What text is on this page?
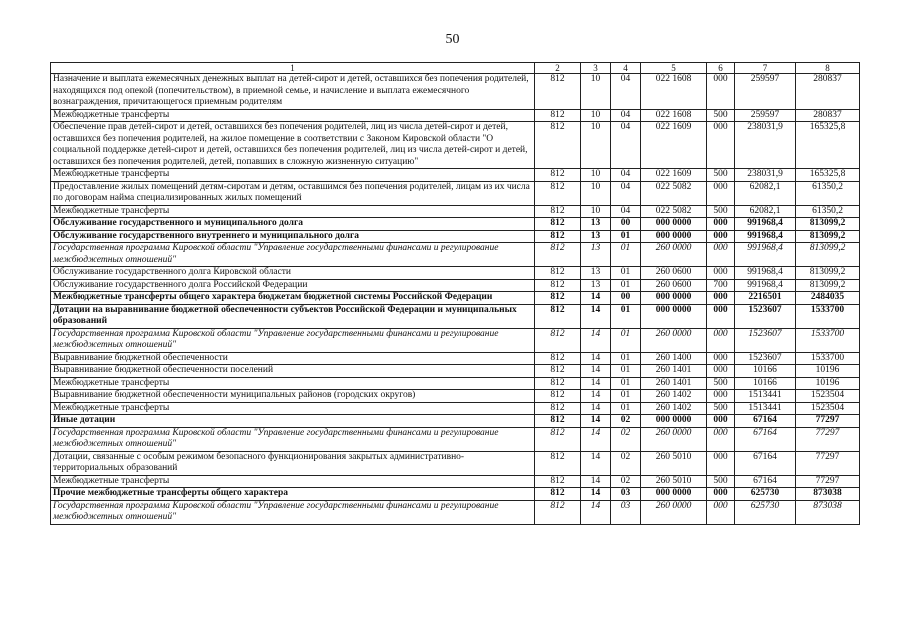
50
1	2	3	4	5	6	7	8
Назначение и выплата ежемесячных денежных выплат на детей-сирот и детей, оставшихся без попечения родителей, находящихся под опекой (попечительством), в приемной семье, и начисление и выплата ежемесячного вознаграждения, причитающегося приемным родителям	812	10	04	022 1608	000	259597	280837
Межбюджетные трансферты	812	10	04	022 1608	500	259597	280837
Обеспечение прав детей-сирот и детей, оставшихся без попечения родителей, лиц из числа детей-сирот и детей, оставшихся без попечения родителей, на жилое помещение в соответствии с Законом Кировской области "О социальной поддержке детей-сирот и детей, оставшихся без попечения родителей, лиц из числа детей-сирот и детей, оставшихся без попечения родителей, детей, попавших в сложную жизненную ситуацию"	812	10	04	022 1609	000	238031,9	165325,8
Межбюджетные трансферты	812	10	04	022 1609	500	238031,9	165325,8
Предоставление жилых помещений детям-сиротам и детям, оставшимся без попечения родителей, лицам из их числа по договорам найма специализированных жилых помещений	812	10	04	022 5082	000	62082,1	61350,2
Межбюджетные трансферты	812	10	04	022 5082	500	62082,1	61350,2
Обслуживание государственного и муниципального долга	812	13	00	000 0000	000	991968,4	813099,2
Обслуживание государственного внутреннего и муниципального долга	812	13	01	000 0000	000	991968,4	813099,2
Государственная программа Кировской области "Управление государственными финансами и регулирование межбюджетных отношений"	812	13	01	260 0000	000	991968,4	813099,2
Обслуживание государственного долга Кировской области	812	13	01	260 0600	000	991968,4	813099,2
Обслуживание государственного долга Российской Федерации	812	13	01	260 0600	700	991968,4	813099,2
Межбюджетные трансферты общего характера бюджетам бюджетной системы Российской Федерации	812	14	00	000 0000	000	2216501	2484035
Дотации на выравнивание бюджетной обеспеченности субъектов Российской Федерации и муниципальных образований	812	14	01	000 0000	000	1523607	1533700
Государственная программа Кировской области "Управление государственными финансами и регулирование межбюджетных отношений"	812	14	01	260 0000	000	1523607	1533700
Выравнивание бюджетной обеспеченности	812	14	01	260 1400	000	1523607	1533700
Выравнивание бюджетной обеспеченности поселений	812	14	01	260 1401	000	10166	10196
Межбюджетные трансферты	812	14	01	260 1401	500	10166	10196
Выравнивание бюджетной обеспеченности муниципальных районов (городских округов)	812	14	01	260 1402	000	1513441	1523504
Межбюджетные трансферты	812	14	01	260 1402	500	1513441	1523504
Иные дотации	812	14	02	000 0000	000	67164	77297
Государственная программа Кировской области "Управление государственными финансами и регулирование межбюджетных отношений"	812	14	02	260 0000	000	67164	77297
Дотации, связанные с особым режимом безопасного функционирования закрытых административно-территориальных образований	812	14	02	260 5010	000	67164	77297
Межбюджетные трансферты	812	14	02	260 5010	500	67164	77297
Прочие межбюджетные трансферты общего характера	812	14	03	000 0000	000	625730	873038
Государственная программа Кировской области "Управление государственными финансами и регулирование межбюджетных отношений"	812	14	03	260 0000	000	625730	873038
